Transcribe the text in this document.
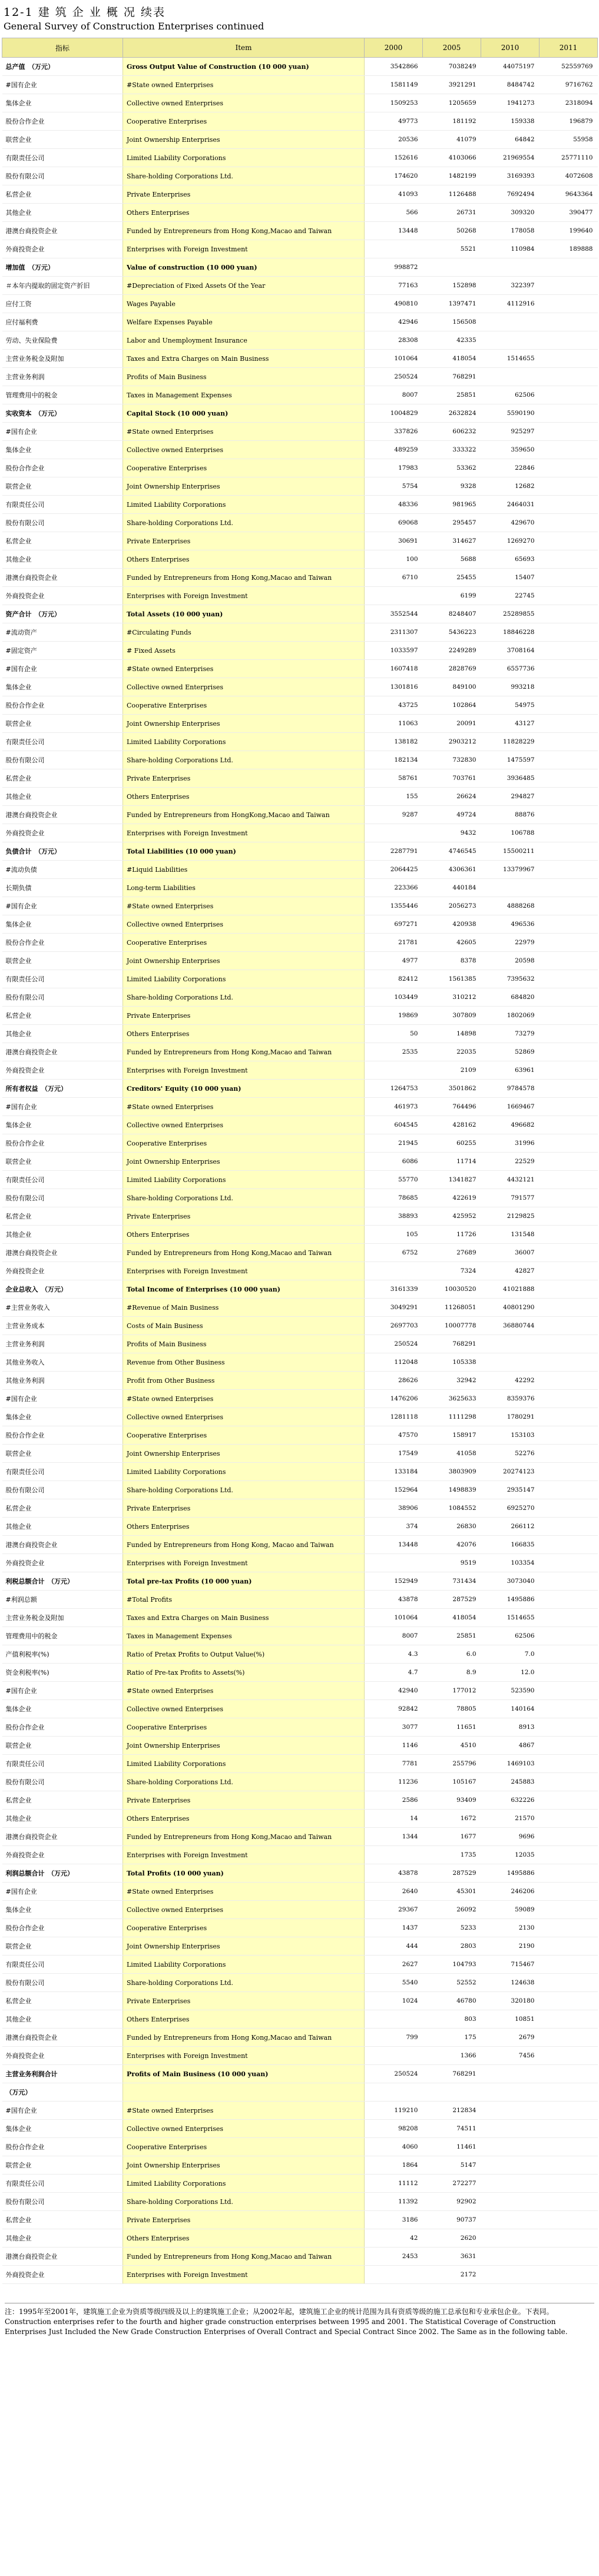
12-1 建 筑 企 业 概 况 续表
General Survey of Construction Enterprises continued
指标	Item	2000	2005	2010	2011
总产值　（万元）	Gross Output Value of Construction (10 000 yuan)	3542866	7038249	44075197	52559769
#国有企业	#State owned Enterprises	1581149	3921291	8484742	9716762
集体企业	Collective owned Enterprises	1509253	1205659	1941273	2318094
股份合作企业	Cooperative Enterprises	49773	181192	159338	196879
联营企业	Joint Ownership Enterprises	20536	41079	64842	55958
有限责任公司	Limited Liability Corporations	152616	4103066	21969554	25771110
股份有限公司	Share-holding Corporations Ltd.	174620	1482199	3169393	4072608
私营企业	Private Enterprises	41093	1126488	7692494	9643364
其他企业	Others Enterprises	566	26731	309320	390477
港澳台商投资企业	Funded by Entrepreneurs from Hong Kong,Macao and Taiwan	13448	50268	178058	199640
外商投资企业	Enterprises with Foreign Investment		5521	110984	189888
增加值　（万元）	Value of construction (10 000 yuan)	998872			
＃本年内提取的固定资产折旧	#Depreciation of Fixed Assets Of the Year	77163	152898	322397	
应付工资	Wages Payable	490810	1397471	4112916	
应付福利费	Welfare Expenses Payable	42946	156508		
劳动、失业保险费	Labor and Unemployment Insurance	28308	42335		
主营业务税金及附加	Taxes and Extra Charges on Main Business	101064	418054	1514655	
主营业务利润	Profits of Main Business	250524	768291		
管理费用中的税金	Taxes in Management Expenses	8007	25851	62506	
实收资本　（万元）	Capital Stock (10 000 yuan)	1004829	2632824	5590190	
#国有企业	#State owned Enterprises	337826	606232	925297	
集体企业	Collective owned Enterprises	489259	333322	359650	
股份合作企业	Cooperative Enterprises	17983	53362	22846	
联营企业	Joint Ownership Enterprises	5754	9328	12682	
有限责任公司	Limited Liability Corporations	48336	981965	2464031	
股份有限公司	Share-holding Corporations Ltd.	69068	295457	429670	
私营企业	Private Enterprises	30691	314627	1269270	
其他企业	Others Enterprises	100	5688	65693	
港澳台商投资企业	Funded by Entrepreneurs from Hong Kong,Macao and Taiwan	6710	25455	15407	
外商投资企业	Enterprises with Foreign Investment		6199	22745	
资产合计　（万元）	Total Assets (10 000 yuan)	3552544	8248407	25289855	
#流动资产	#Circulating Funds	2311307	5436223	18846228	
#固定资产	# Fixed Assets	1033597	2249289	3708164	
#国有企业	#State owned Enterprises	1607418	2828769	6557736	
集体企业	Collective owned Enterprises	1301816	849100	993218	
股份合作企业	Cooperative Enterprises	43725	102864	54975	
联营企业	Joint Ownership Enterprises	11063	20091	43127	
有限责任公司	Limited Liability Corporations	138182	2903212	11828229	
股份有限公司	Share-holding Corporations Ltd.	182134	732830	1475597	
私营企业	Private Enterprises	58761	703761	3936485	
其他企业	Others Enterprises	155	26624	294827	
港澳台商投资企业	Funded by Entrepreneurs from HongKong,Macao and Taiwan	9287	49724	88876	
外商投资企业	Enterprises with Foreign Investment		9432	106788	
负债合计　（万元）	Total Liabilities (10 000 yuan)	2287791	4746545	15500211	
#流动负债	#Liquid Liabilities	2064425	4306361	13379967	
长期负债	Long-term Liabilities	223366	440184		
#国有企业	#State owned Enterprises	1355446	2056273	4888268	
集体企业	Collective owned Enterprises	697271	420938	496536	
股份合作企业	Cooperative Enterprises	21781	42605	22979	
联营企业	Joint Ownership Enterprises	4977	8378	20598	
有限责任公司	Limited Liability Corporations	82412	1561385	7395632	
股份有限公司	Share-holding Corporations Ltd.	103449	310212	684820	
私营企业	Private Enterprises	19869	307809	1802069	
其他企业	Others Enterprises	50	14898	73279	
港澳台商投资企业	Funded by Entrepreneurs from Hong Kong,Macao and Taiwan	2535	22035	52869	
外商投资企业	Enterprises with Foreign Investment		2109	63961	
所有者权益　（万元）	Creditors' Equity (10 000 yuan)	1264753	3501862	9784578	
#国有企业	#State owned Enterprises	461973	764496	1669467	
集体企业	Collective owned Enterprises	604545	428162	496682	
股份合作企业	Cooperative Enterprises	21945	60255	31996	
联营企业	Joint Ownership Enterprises	6086	11714	22529	
有限责任公司	Limited Liability Corporations	55770	1341827	4432121	
股份有限公司	Share-holding Corporations Ltd.	78685	422619	791577	
私营企业	Private Enterprises	38893	425952	2129825	
其他企业	Others Enterprises	105	11726	131548	
港澳台商投资企业	Funded by Entrepreneurs from Hong Kong,Macao and Taiwan	6752	27689	36007	
外商投资企业	Enterprises with Foreign Investment		7324	42827	
企业总收入　（万元）	Total Income of Enterprises (10 000 yuan)	3161339	10030520	41021888	
#主营业务收入	#Revenue of Main Business	3049291	11268051	40801290	
主营业务成本	Costs of Main Business	2697703	10007778	36880744	
主营业务利润	Profits of Main Business	250524	768291		
其他业务收入	Revenue from Other Business	112048	105338		
其他业务利润	Profit from Other Business	28626	32942	42292	
#国有企业	#State owned Enterprises	1476206	3625633	8359376	
集体企业	Collective owned Enterprises	1281118	1111298	1780291	
股份合作企业	Cooperative Enterprises	47570	158917	153103	
联营企业	Joint Ownership Enterprises	17549	41058	52276	
有限责任公司	Limited Liability Corporations	133184	3803909	20274123	
股份有限公司	Share-holding Corporations Ltd.	152964	1498839	2935147	
私营企业	Private Enterprises	38906	1084552	6925270	
其他企业	Others Enterprises	374	26830	266112	
港澳台商投资企业	Funded by Entrepreneurs from Hong Kong, Macao and Taiwan	13448	42076	166835	
外商投资企业	Enterprises with Foreign Investment		9519	103354	
利税总额合计　（万元）	Total pre-tax Profits (10 000 yuan)	152949	731434	3073040	
#利润总额	#Total Profits	43878	287529	1495886	
主营业务税金及附加	Taxes and Extra Charges on Main Business	101064	418054	1514655	
管理费用中的税金	Taxes in Management Expenses	8007	25851	62506	
产值利税率(%)	Ratio of Pretax Profits to Output Value(%)	4.3	6.0	7.0	
资金利税率(%)	Ratio of Pre-tax Profits to Assets(%)	4.7	8.9	12.0	
#国有企业	#State owned Enterprises	42940	177012	523590	
集体企业	Collective owned Enterprises	92842	78805	140164	
股份合作企业	Cooperative Enterprises	3077	11651	8913	
联营企业	Joint Ownership Enterprises	1146	4510	4867	
有限责任公司	Limited Liability Corporations	7781	255796	1469103	
股份有限公司	Share-holding Corporations Ltd.	11236	105167	245883	
私营企业	Private Enterprises	2586	93409	632226	
其他企业	Others Enterprises	14	1672	21570	
港澳台商投资企业	Funded by Entrepreneurs from Hong Kong,Macao and Taiwan	1344	1677	9696	
外商投资企业	Enterprises with Foreign Investment		1735	12035	
利润总额合计　（万元）	Total Profits (10 000 yuan)	43878	287529	1495886	
#国有企业	#State owned Enterprises	2640	45301	246206	
集体企业	Collective owned Enterprises	29367	26092	59089	
股份合作企业	Cooperative Enterprises	1437	5233	2130	
联营企业	Joint Ownership Enterprises	444	2803	2190	
有限责任公司	Limited Liability Corporations	2627	104793	715467	
股份有限公司	Share-holding Corporations Ltd.	5540	52552	124638	
私营企业	Private Enterprises	1024	46780	320180	
其他企业	Others Enterprises		803	10851	
港澳台商投资企业	Funded by Entrepreneurs from Hong Kong,Macao and Taiwan	799	175	2679	
外商投资企业	Enterprises with Foreign Investment		1366	7456	
主营业务利润合计	Profits of Main Business (10 000 yuan)	250524	768291		
（万元）					
#国有企业	#State owned Enterprises	119210	212834		
集体企业	Collective owned Enterprises	98208	74511		
股份合作企业	Cooperative Enterprises	4060	11461		
联营企业	Joint Ownership Enterprises	1864	5147		
有限责任公司	Limited Liability Corporations	11112	272277		
股份有限公司	Share-holding Corporations Ltd.	11392	92902		
私营企业	Private Enterprises	3186	90737		
其他企业	Others Enterprises	42	2620		
港澳台商投资企业	Funded by Entrepreneurs from Hong Kong,Macao and Taiwan	2453	3631		
外商投资企业	Enterprises with Foreign Investment		2172		
注：1995年至2001年，建筑施工企业为资质等级四级及以上的建筑施工企业；从2002年起，建筑施工企业的统计范围为具有资质等级的施工总承包和专业承包企业。下表同。
Construction enterprises refer to the fourth and higher grade construction enterprises between 1995 and 2001. The Statistical Coverage of Construction Enterprises Just Included the New Grade Construction Enterprises of Overall Contract and Special Contract Since 2002. The Same as in the following table.
